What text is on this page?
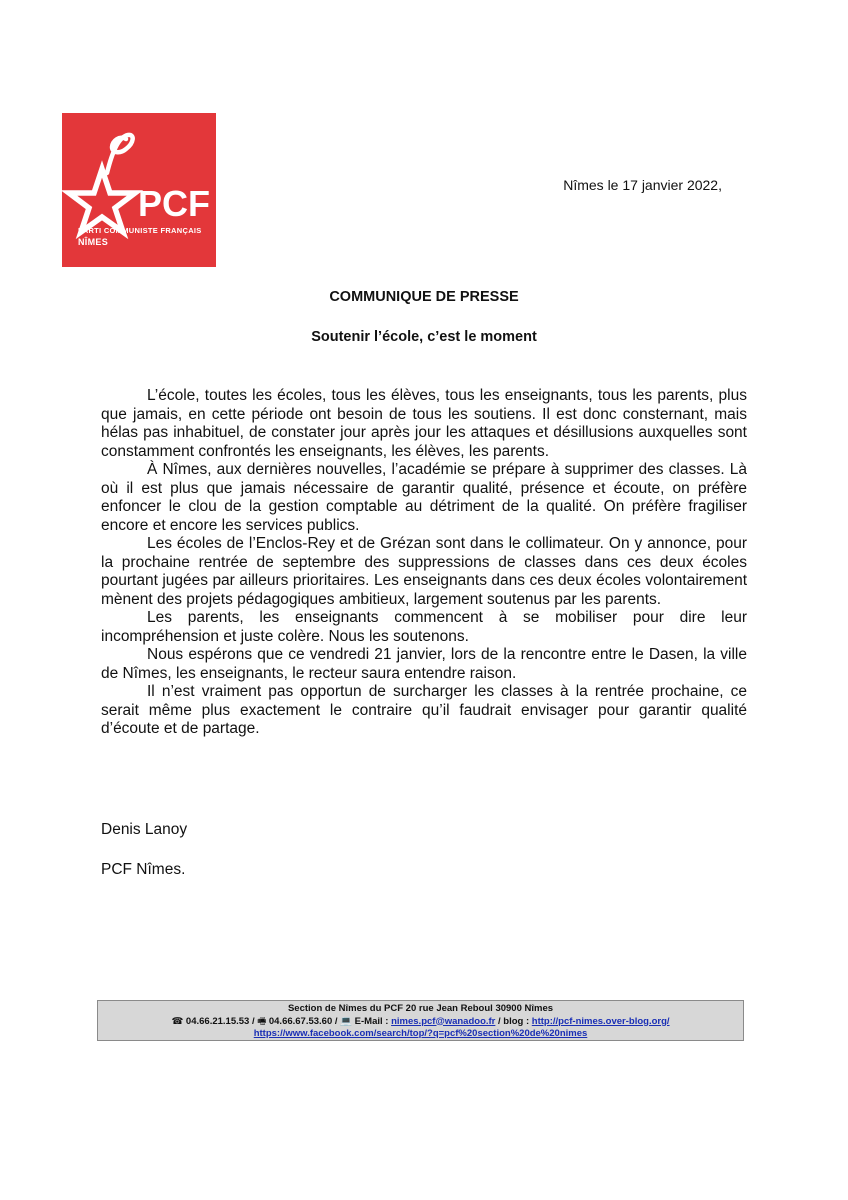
PCF
PARTI COMMUNISTE FRANÇAIS
NÎMES
Nîmes le 17 janvier 2022,
COMMUNIQUE DE PRESSE
Soutenir l’école, c’est le moment

L’école, toutes les écoles, tous les élèves, tous les enseignants, tous les parents, plus que jamais, en cette période ont besoin de tous les soutiens. Il est donc consternant, mais hélas pas inhabituel, de constater jour après jour les attaques et désillusions auxquelles sont constamment confrontés les enseignants, les élèves, les parents.

À Nîmes, aux dernières nouvelles, l’académie se prépare à supprimer des classes. Là où il est plus que jamais nécessaire de garantir qualité, présence et écoute, on préfère enfoncer le clou de la gestion comptable au détriment de la qualité. On préfère fragiliser encore et encore les services publics.

Les écoles de l’Enclos-Rey et de Grézan sont dans le collimateur. On y annonce, pour la prochaine rentrée de septembre des suppressions de classes dans ces deux écoles pourtant jugées par ailleurs prioritaires. Les enseignants dans ces deux écoles volontairement mènent des projets pédagogiques ambitieux, largement soutenus par les parents.

Les parents, les enseignants commencent à se mobiliser pour dire leur incompréhension et juste colère. Nous les soutenons.

Nous espérons que ce vendredi 21 janvier, lors de la rencontre entre le Dasen, la ville de Nîmes, les enseignants, le recteur saura entendre raison.

Il n’est vraiment pas opportun de surcharger les classes à la rentrée prochaine, ce serait même plus exactement le contraire qu’il faudrait envisager pour garantir qualité d’écoute et de partage.

Denis Lanoy
PCF Nîmes.
Section de Nîmes du PCF 20 rue Jean Reboul 30900 Nîmes
☎ 04.66.21.15.53 / 🖷 04.66.67.53.60 / 💻 E-Mail : nimes.pcf@wanadoo.fr / blog : http://pcf-nimes.over-blog.org/
https://www.facebook.com/search/top/?q=pcf%20section%20de%20nimes
